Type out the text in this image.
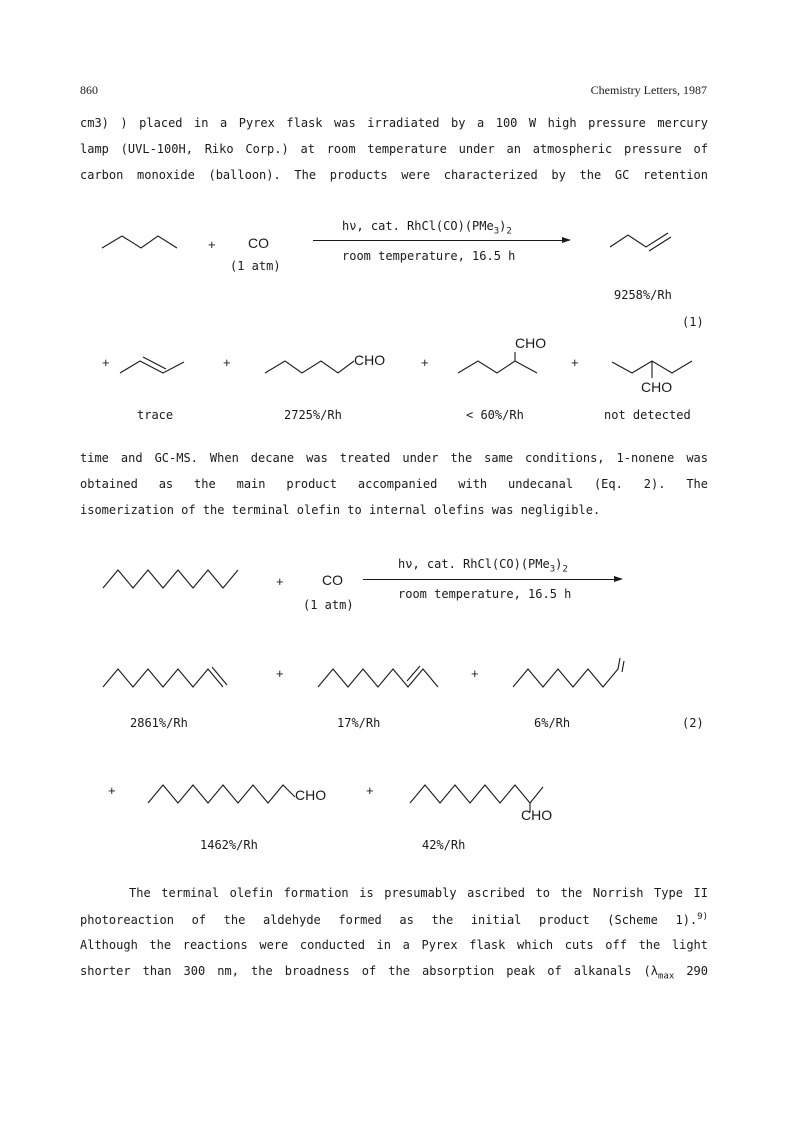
860	Chemistry Letters, 1987
cm3) ) placed in a Pyrex flask was irradiated by a 100 W high pressure mercury
lamp (UVL-100H, Riko Corp.) at room temperature under an atmospheric pressure of
carbon monoxide (balloon). The products were characterized by the GC retention
+ CO
(1 atm)
hν, cat. $RhCl(CO)(PMe_3)_2$
room temperature, 16.5 h
9258%/Rh
(1)
+	+	CHO	+
CHO
+
CHO
trace	2725%/Rh	< 60%/Rh	not detected
time and GC-MS. When decane was treated under the same conditions, 1-nonene was
obtained as the main product accompanied with undecanal (Eq. 2). The
isomerization of the terminal olefin to internal olefins was negligible.
+	CO
(1 atm)
hν, cat. $RhCl(CO)(PMe_3)_2$
room temperature, 16.5 h
+	+
2861%/Rh	17%/Rh	6%/Rh	(2)
+	CHO	+
CHO
1462%/Rh	42%/Rh
The terminal olefin formation is presumably ascribed to the Norrish Type II
photoreaction of the aldehyde formed as the initial product (Scheme 1).$^{9)}$
Although the reactions were conducted in a Pyrex flask which cuts off the light
shorter than 300 nm, the broadness of the absorption peak of alkanals ($\lambda_{max}$ 290
